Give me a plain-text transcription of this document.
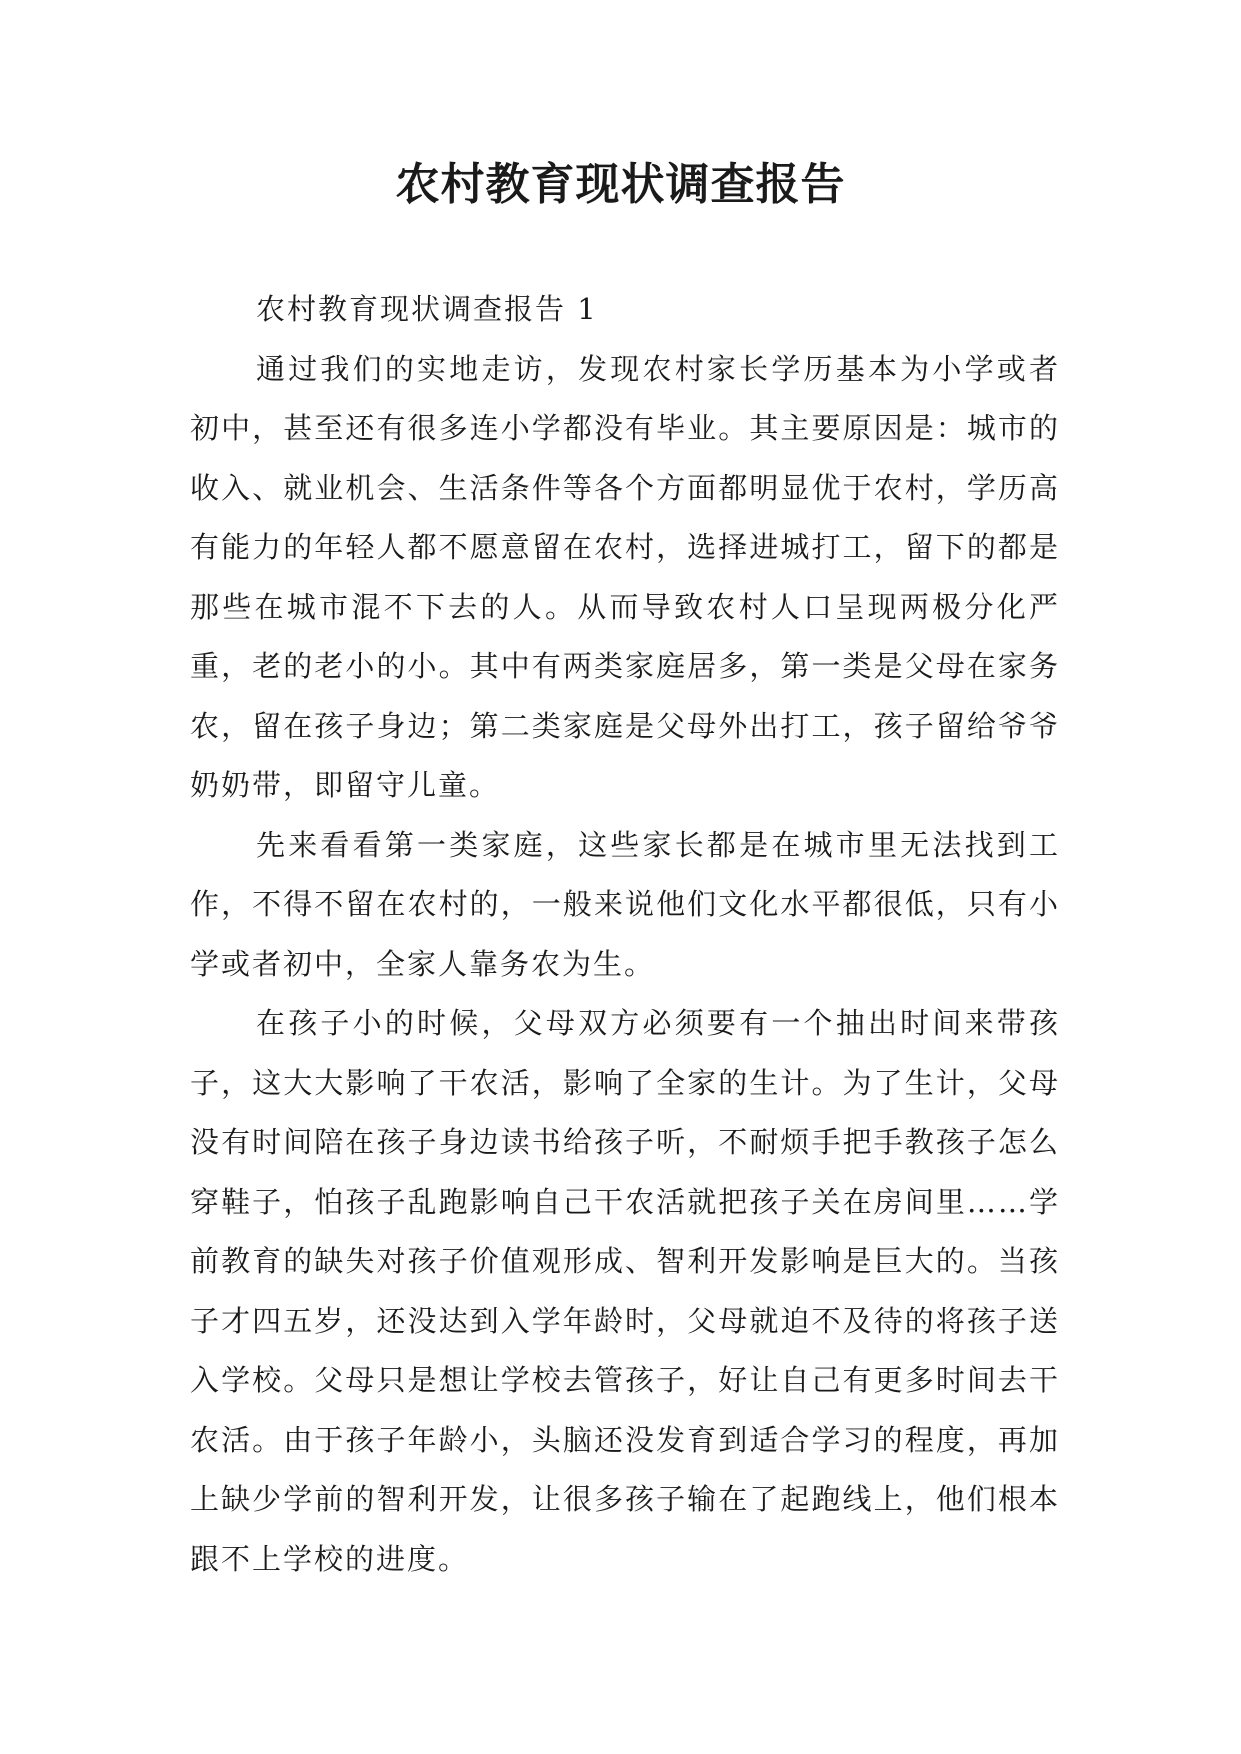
农村教育现状调查报告

农村教育现状调查报告 1

通过我们的实地走访，发现农村家长学历基本为小学或者初中，甚至还有很多连小学都没有毕业。其主要原因是：城市的收入、就业机会、生活条件等各个方面都明显优于农村，学历高有能力的年轻人都不愿意留在农村，选择进城打工，留下的都是那些在城市混不下去的人。从而导致农村人口呈现两极分化严重，老的老小的小。其中有两类家庭居多，第一类是父母在家务农，留在孩子身边；第二类家庭是父母外出打工，孩子留给爷爷奶奶带，即留守儿童。

先来看看第一类家庭，这些家长都是在城市里无法找到工作，不得不留在农村的，一般来说他们文化水平都很低，只有小学或者初中，全家人靠务农为生。

在孩子小的时候，父母双方必须要有一个抽出时间来带孩子，这大大影响了干农活，影响了全家的生计。为了生计，父母没有时间陪在孩子身边读书给孩子听，不耐烦手把手教孩子怎么穿鞋子，怕孩子乱跑影响自己干农活就把孩子关在房间里……学前教育的缺失对孩子价值观形成、智利开发影响是巨大的。当孩子才四五岁，还没达到入学年龄时，父母就迫不及待的将孩子送入学校。父母只是想让学校去管孩子，好让自己有更多时间去干农活。由于孩子年龄小，头脑还没发育到适合学习的程度，再加上缺少学前的智利开发，让很多孩子输在了起跑线上，他们根本跟不上学校的进度。
